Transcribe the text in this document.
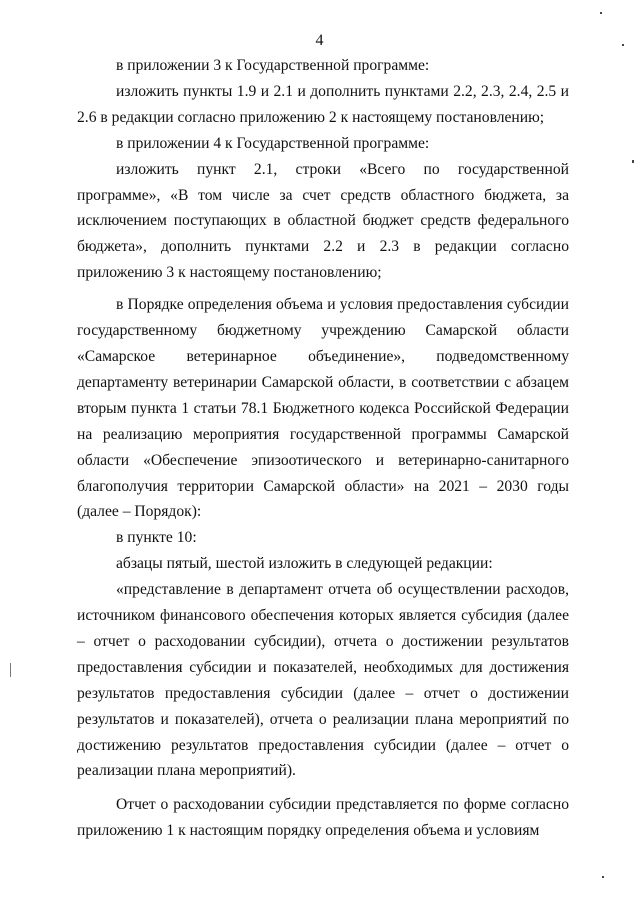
4

в приложении 3 к Государственной программе:

изложить пункты 1.9 и 2.1 и дополнить пунктами 2.2, 2.3, 2.4, 2.5 и 2.6 в редакции согласно приложению 2 к настоящему постановлению;

в приложении 4 к Государственной программе:

изложить пункт 2.1, строки «Всего по государственной программе», «В том числе за счет средств областного бюджета, за исключением поступающих в областной бюджет средств федерального бюджета», дополнить пунктами 2.2 и 2.3 в редакции согласно приложению 3 к настоящему постановлению;

в Порядке определения объема и условия предоставления субсидии государственному бюджетному учреждению Самарской области «Самарское ветеринарное объединение», подведомственному департаменту ветеринарии Самарской области, в соответствии с абзацем вторым пункта 1 статьи 78.1 Бюджетного кодекса Российской Федерации на реализацию мероприятия государственной программы Самарской области «Обеспечение эпизоотического и ветеринарно-санитарного благополучия территории Самарской области» на 2021 – 2030 годы (далее – Порядок):

в пункте 10:

абзацы пятый, шестой изложить в следующей редакции:

«представление в департамент отчета об осуществлении расходов, источником финансового обеспечения которых является субсидия (далее – отчет о расходовании субсидии), отчета о достижении результатов предоставления субсидии и показателей, необходимых для достижения результатов предоставления субсидии (далее – отчет о достижении результатов и показателей), отчета о реализации плана мероприятий по достижению результатов предоставления субсидии (далее – отчет о реализации плана мероприятий).

Отчет о расходовании субсидии представляется по форме согласно приложению 1 к настоящим порядку определения объема и условиям
